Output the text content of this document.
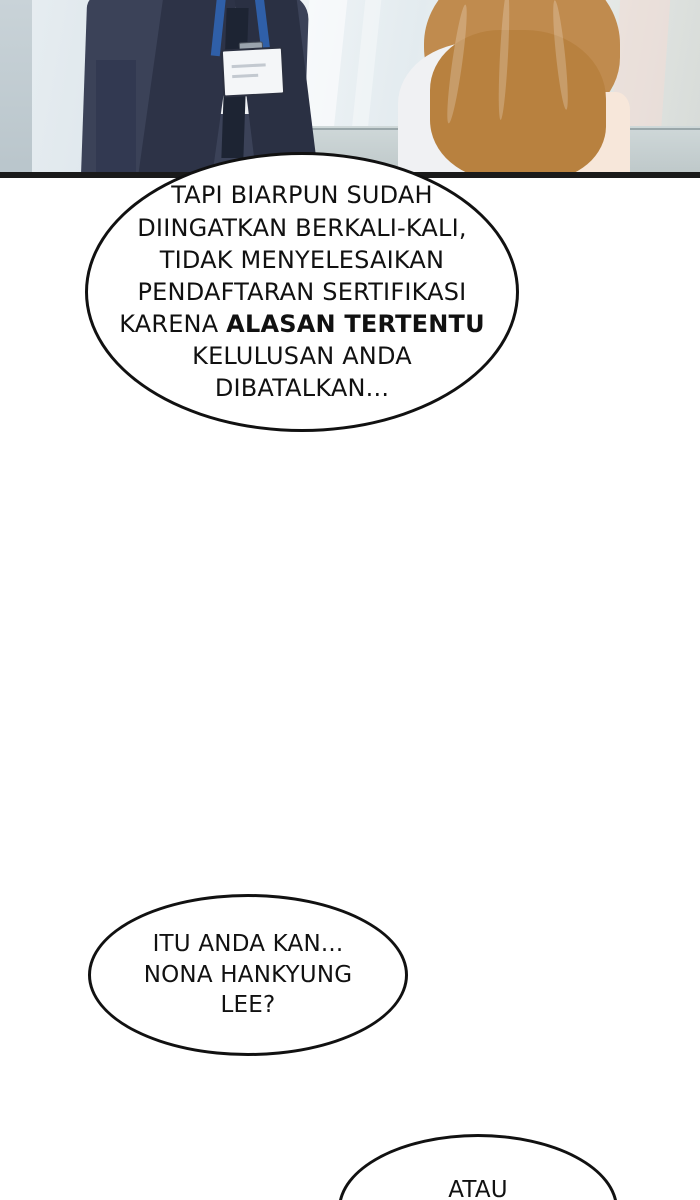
TAPI BIARPUN SUDAH
DIINGATKAN BERKALI-KALI,
TIDAK MENYELESAIKAN
PENDAFTARAN SERTIFIKASI
KARENA ALASAN TERTENTU
KELULUSAN ANDA
DIBATALKAN...
ITU ANDA KAN...
NONA HANKYUNG
LEE?
ATAU
